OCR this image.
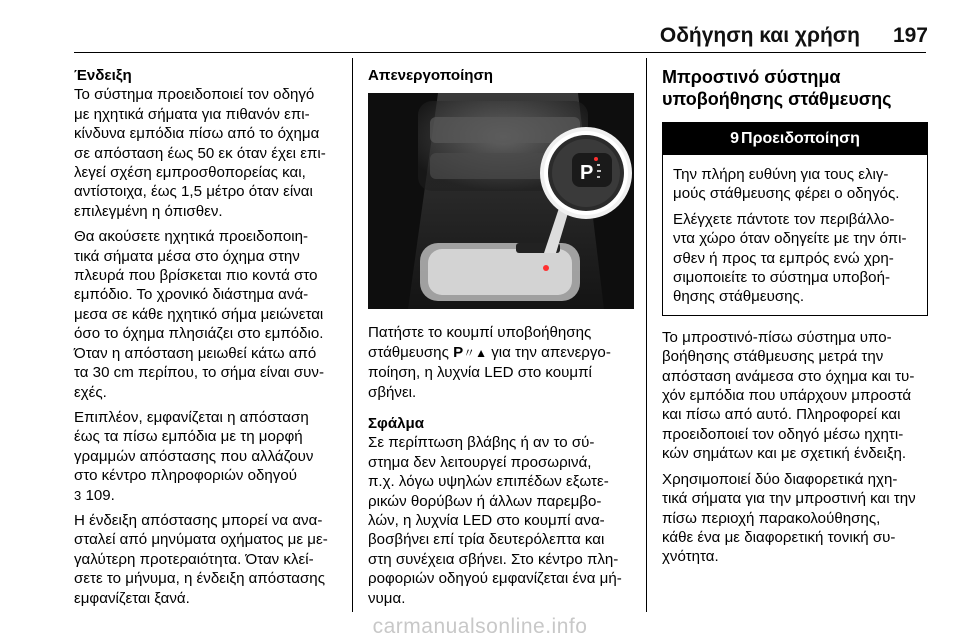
Οδήγηση και χρήση 197
Ένδειξη
Το σύστημα προειδοποιεί τον οδηγό
με ηχητικά σήματα για πιθανόν επι‐
κίνδυνα εμπόδια πίσω από το όχημα
σε απόσταση έως 50 εκ όταν έχει επι‐
λεγεί σχέση εμπροσθοπορείας και,
αντίστοιχα, έως 1,5 μέτρο όταν είναι
επιλεγμένη η όπισθεν.
Θα ακούσετε ηχητικά προειδοποιη‐
τικά σήματα μέσα στο όχημα στην
πλευρά που βρίσκεται πιο κοντά στο
εμπόδιο. Το χρονικό διάστημα ανά‐
μεσα σε κάθε ηχητικό σήμα μειώνεται
όσο το όχημα πλησιάζει στο εμπόδιο.
Όταν η απόσταση μειωθεί κάτω από
τα 30 cm περίπου, το σήμα είναι συν‐
εχές.
Επιπλέον, εμφανίζεται η απόσταση
έως τα πίσω εμπόδια με τη μορφή
γραμμών απόστασης που αλλάζουν
στο κέντρο πληροφοριών οδηγού
3 109.
Η ένδειξη απόστασης μπορεί να ανα‐
σταλεί από μηνύματα οχήματος με με‐
γαλύτερη προτεραιότητα. Όταν κλεί‐
σετε το μήνυμα, η ένδειξη απόστασης
εμφανίζεται ξανά.
Απενεργοποίηση
P
Πατήστε το κουμπί υποβοήθησης
στάθμευσης P〃▲ για την απενεργο‐
ποίηση, η λυχνία LED στο κουμπί
σβήνει.
Σφάλμα
Σε περίπτωση βλάβης ή αν το σύ‐
στημα δεν λειτουργεί προσωρινά,
π.χ. λόγω υψηλών επιπέδων εξωτε‐
ρικών θορύβων ή άλλων παρεμβο‐
λών, η λυχνία LED στο κουμπί ανα‐
βοσβήνει επί τρία δευτερόλεπτα και
στη συνέχεια σβήνει. Στο κέντρο πλη‐
ροφοριών οδηγού εμφανίζεται ένα μή‐
νυμα.
Μπροστινό σύστημα
υποβοήθησης στάθμευσης
9 Προειδοποίηση
Την πλήρη ευθύνη για τους ελιγ‐
μούς στάθμευσης φέρει ο οδηγός.
Ελέγχετε πάντοτε τον περιβάλλο‐
ντα χώρο όταν οδηγείτε με την όπι‐
σθεν ή προς τα εμπρός ενώ χρη‐
σιμοποιείτε το σύστημα υποβοή‐
θησης στάθμευσης.
Το μπροστινό-πίσω σύστημα υπο‐
βοήθησης στάθμευσης μετρά την
απόσταση ανάμεσα στο όχημα και τυ‐
χόν εμπόδια που υπάρχουν μπροστά
και πίσω από αυτό. Πληροφορεί και
προειδοποιεί τον οδηγό μέσω ηχητι‐
κών σημάτων και με σχετική ένδειξη.
Χρησιμοποιεί δύο διαφορετικά ηχη‐
τικά σήματα για την μπροστινή και την
πίσω περιοχή παρακολούθησης,
κάθε ένα με διαφορετική τονική συ‐
χνότητα.
carmanualsonline.info
